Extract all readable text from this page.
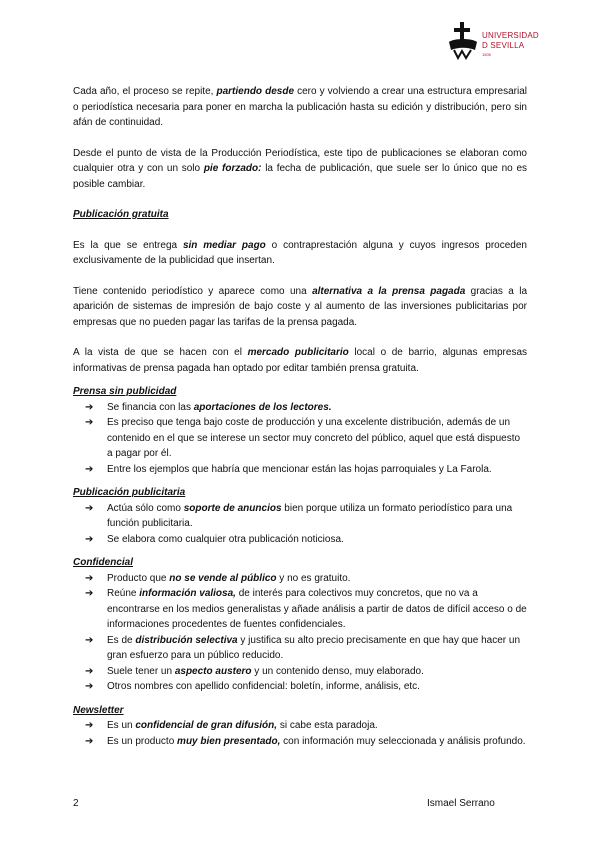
UNIVERSIDAD
D SEVILLA
1505

Cada año, el proceso se repite, partiendo desde cero y volviendo a crear una estructura empresarial o periodística necesaria para poner en marcha la publicación hasta su edición y distribución, pero sin afán de continuidad.

Desde el punto de vista de la Producción Periodística, este tipo de publicaciones se elaboran como cualquier otra y con un solo pie forzado: la fecha de publicación, que suele ser lo único que no es posible cambiar.

Publicación gratuita

Es la que se entrega sin mediar pago o contraprestación alguna y cuyos ingresos proceden exclusivamente de la publicidad que insertan.

Tiene contenido periodístico y aparece como una alternativa a la prensa pagada gracias a la aparición de sistemas de impresión de bajo coste y al aumento de las inversiones publicitarias por empresas que no pueden pagar las tarifas de la prensa pagada.

A la vista de que se hacen con el mercado publicitario local o de barrio, algunas empresas informativas de prensa pagada han optado por editar también prensa gratuita.

Prensa sin publicidad

➔ Se financia con las aportaciones de los lectores.
➔ Es preciso que tenga bajo coste de producción y una excelente distribución, además de un contenido en el que se interese un sector muy concreto del público, aquel que está dispuesto a pagar por él.
➔ Entre los ejemplos que habría que mencionar están las hojas parroquiales y La Farola.

Publicación publicitaria

➔ Actúa sólo como soporte de anuncios bien porque utiliza un formato periodístico para una función publicitaria.
➔ Se elabora como cualquier otra publicación noticiosa.

Confidencial

➔ Producto que no se vende al público y no es gratuito.
➔ Reúne información valiosa, de interés para colectivos muy concretos, que no va a encontrarse en los medios generalistas y añade análisis a partir de datos de difícil acceso o de informaciones procedentes de fuentes confidenciales.
➔ Es de distribución selectiva y justifica su alto precio precisamente en que hay que hacer un gran esfuerzo para un público reducido.
➔ Suele tener un aspecto austero y un contenido denso, muy elaborado.
➔ Otros nombres con apellido confidencial: boletín, informe, análisis, etc.

Newsletter

➔ Es un confidencial de gran difusión, si cabe esta paradoja.
➔ Es un producto muy bien presentado, con información muy seleccionada y análisis profundo.
2	Ismael Serrano
